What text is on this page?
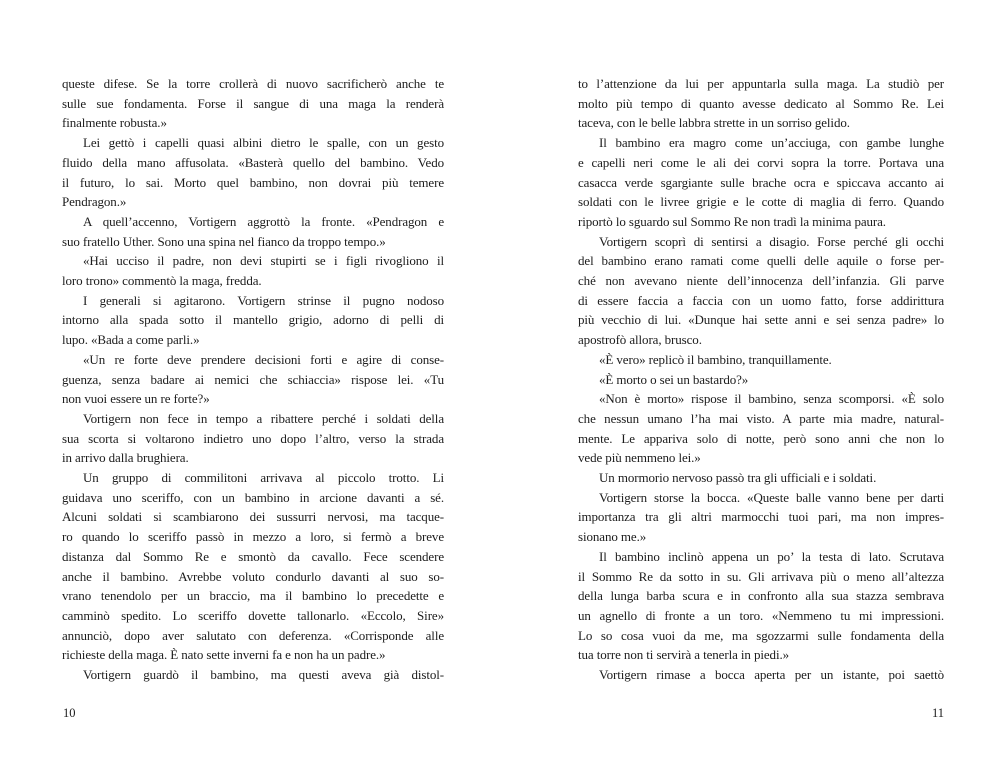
queste difese. Se la torre crollerà di nuovo sacrificherò anche te
sulle sue fondamenta. Forse il sangue di una maga la renderà
finalmente robusta.»
Lei gettò i capelli quasi albini dietro le spalle, con un gesto
fluido della mano affusolata. «Basterà quello del bambino. Vedo
il futuro, lo sai. Morto quel bambino, non dovrai più temere
Pendragon.»
A quell’accenno, Vortigern aggrottò la fronte. «Pendragon e
suo fratello Uther. Sono una spina nel fianco da troppo tempo.»
«Hai ucciso il padre, non devi stupirti se i figli rivogliono il
loro trono» commentò la maga, fredda.
I generali si agitarono. Vortigern strinse il pugno nodoso
intorno alla spada sotto il mantello grigio, adorno di pelli di
lupo. «Bada a come parli.»
«Un re forte deve prendere decisioni forti e agire di conse-
guenza, senza badare ai nemici che schiaccia» rispose lei. «Tu
non vuoi essere un re forte?»
Vortigern non fece in tempo a ribattere perché i soldati della
sua scorta si voltarono indietro uno dopo l’altro, verso la strada
in arrivo dalla brughiera.
Un gruppo di commilitoni arrivava al piccolo trotto. Li
guidava uno sceriffo, con un bambino in arcione davanti a sé.
Alcuni soldati si scambiarono dei sussurri nervosi, ma tacque-
ro quando lo sceriffo passò in mezzo a loro, si fermò a breve
distanza dal Sommo Re e smontò da cavallo. Fece scendere
anche il bambino. Avrebbe voluto condurlo davanti al suo so-
vrano tenendolo per un braccio, ma il bambino lo precedette e
camminò spedito. Lo sceriffo dovette tallonarlo. «Eccolo, Sire»
annunciò, dopo aver salutato con deferenza. «Corrisponde alle
richieste della maga. È nato sette inverni fa e non ha un padre.»
Vortigern guardò il bambino, ma questi aveva già distol-
10
to l’attenzione da lui per appuntarla sulla maga. La studiò per
molto più tempo di quanto avesse dedicato al Sommo Re. Lei
taceva, con le belle labbra strette in un sorriso gelido.
Il bambino era magro come un’acciuga, con gambe lunghe
e capelli neri come le ali dei corvi sopra la torre. Portava una
casacca verde sgargiante sulle brache ocra e spiccava accanto ai
soldati con le livree grigie e le cotte di maglia di ferro. Quando
riportò lo sguardo sul Sommo Re non tradì la minima paura.
Vortigern scoprì di sentirsi a disagio. Forse perché gli occhi
del bambino erano ramati come quelli delle aquile o forse per-
ché non avevano niente dell’innocenza dell’infanzia. Gli parve
di essere faccia a faccia con un uomo fatto, forse addirittura
più vecchio di lui. «Dunque hai sette anni e sei senza padre» lo
apostrofò allora, brusco.
«È vero» replicò il bambino, tranquillamente.
«È morto o sei un bastardo?»
«Non è morto» rispose il bambino, senza scomporsi. «È solo
che nessun umano l’ha mai visto. A parte mia madre, natural-
mente. Le appariva solo di notte, però sono anni che non lo
vede più nemmeno lei.»
Un mormorio nervoso passò tra gli ufficiali e i soldati.
Vortigern storse la bocca. «Queste balle vanno bene per darti
importanza tra gli altri marmocchi tuoi pari, ma non impres-
sionano me.»
Il bambino inclinò appena un po’ la testa di lato. Scrutava
il Sommo Re da sotto in su. Gli arrivava più o meno all’altezza
della lunga barba scura e in confronto alla sua stazza sembrava
un agnello di fronte a un toro. «Nemmeno tu mi impressioni.
Lo so cosa vuoi da me, ma sgozzarmi sulle fondamenta della
tua torre non ti servirà a tenerla in piedi.»
Vortigern rimase a bocca aperta per un istante, poi saettò
11
